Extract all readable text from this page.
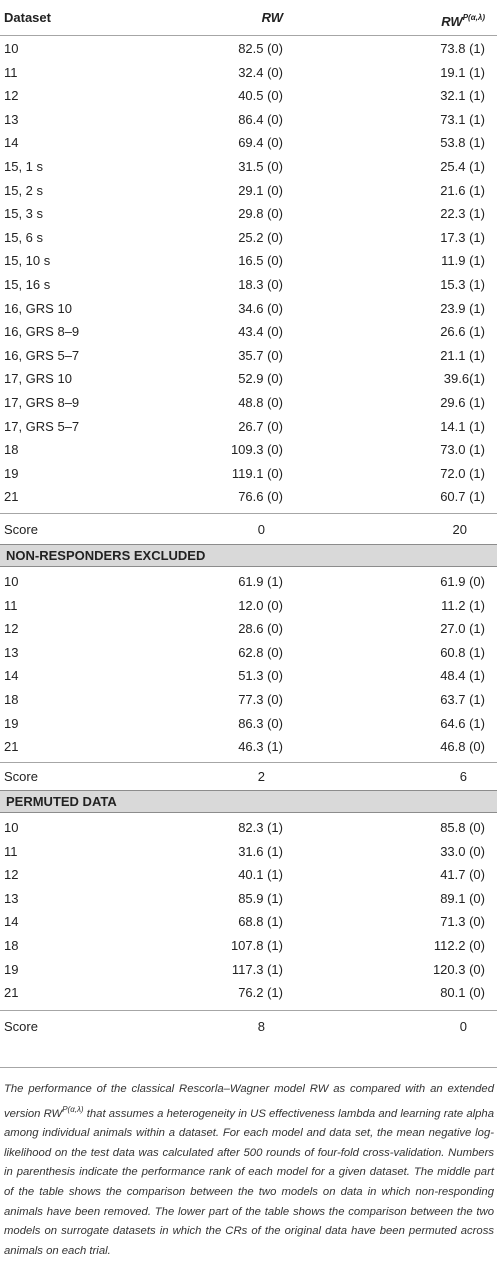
Dataset	RW	$RW^{P(\alpha,\lambda)}$
10	82.5 (0)	73.8 (1)
11	32.4 (0)	19.1 (1)
12	40.5 (0)	32.1 (1)
13	86.4 (0)	73.1 (1)
14	69.4 (0)	53.8 (1)
15, 1 s	31.5 (0)	25.4 (1)
15, 2 s	29.1 (0)	21.6 (1)
15, 3 s	29.8 (0)	22.3 (1)
15, 6 s	25.2 (0)	17.3 (1)
15, 10 s	16.5 (0)	11.9 (1)
15, 16 s	18.3 (0)	15.3 (1)
16, GRS 10	34.6 (0)	23.9 (1)
16, GRS 8–9	43.4 (0)	26.6 (1)
16, GRS 5–7	35.7 (0)	21.1 (1)
17, GRS 10	52.9 (0)	39.6(1)
17, GRS 8–9	48.8 (0)	29.6 (1)
17, GRS 5–7	26.7 (0)	14.1 (1)
18	109.3 (0)	73.0 (1)
19	119.1 (0)	72.0 (1)
21	76.6 (0)	60.7 (1)
Score	0	20
NON-RESPONDERS EXCLUDED
10	61.9 (1)	61.9 (0)
11	12.0 (0)	11.2 (1)
12	28.6 (0)	27.0 (1)
13	62.8 (0)	60.8 (1)
14	51.3 (0)	48.4 (1)
18	77.3 (0)	63.7 (1)
19	86.3 (0)	64.6 (1)
21	46.3 (1)	46.8 (0)
Score	2	6
PERMUTED DATA
10	82.3 (1)	85.8 (0)
11	31.6 (1)	33.0 (0)
12	40.1 (1)	41.7 (0)
13	85.9 (1)	89.1 (0)
14	68.8 (1)	71.3 (0)
18	107.8 (1)	112.2 (0)
19	117.3 (1)	120.3 (0)
21	76.2 (1)	80.1 (0)
Score	8	0
The performance of the classical Rescorla–Wagner model RW as compared with an extended version $RW^{P(\alpha,\lambda)}$ that assumes a heterogeneity in US effectiveness lambda and learning rate alpha among individual animals within a dataset. For each model and data set, the mean negative log-likelihood on the test data was calculated after 500 rounds of four-fold cross-validation. Numbers in parenthesis indicate the performance rank of each model for a given dataset. The middle part of the table shows the comparison between the two models on data in which non-responding animals have been removed. The lower part of the table shows the comparison between the two models on surrogate datasets in which the CRs of the original data have been permuted across animals on each trial.
